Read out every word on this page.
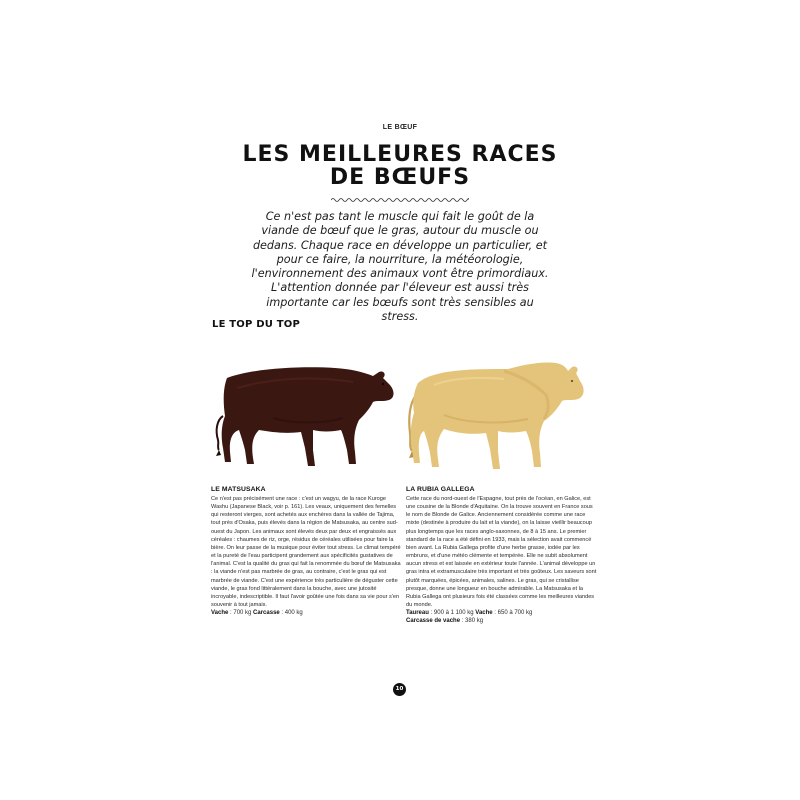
LE BŒUF
LES MEILLEURES RACES
DE BŒUFS

Ce n'est pas tant le muscle qui fait le goût de la viande de bœuf que le gras, autour du muscle ou dedans. Chaque race en développe un particulier, et pour ce faire, la nourriture, la météorologie, l'environnement des animaux vont être primordiaux. L'attention donnée par l'éleveur est aussi très importante car les bœufs sont très sensibles au stress.

LE TOP DU TOP
LE MATSUSAKA

Ce n'est pas précisément une race : c'est un wagyu, de la race Kuroge Washu (Japanese Black, voir p. 161). Les veaux, uniquement des femelles qui resteront vierges, sont achetés aux enchères dans la vallée de Tajima, tout près d'Osaka, puis élevés dans la région de Matsusaka, au centre sud-ouest du Japon. Les animaux sont élevés deux par deux et engraissés aux céréales : chaumes de riz, orge, résidus de céréales utilisées pour faire la bière. On leur passe de la musique pour éviter tout stress. Le climat tempéré et la pureté de l'eau participent grandement aux spécificités gustatives de l'animal. C'est la qualité du gras qui fait la renommée du bœuf de Matsusaka : la viande n'est pas marbrée de gras, au contraire, c'est le gras qui est marbrée de viande. C'est une expérience très particulière de déguster cette viande, le gras fond littéralement dans la bouche, avec une jutosité incroyable, indescriptible. Il faut l'avoir goûtée une fois dans sa vie pour s'en souvenir à tout jamais.

Vache : 700 kg Carcasse : 400 kg
LA RUBIA GALLEGA

Cette race du nord-ouest de l'Espagne, tout près de l'océan, en Galice, est une cousine de la Blonde d'Aquitaine. On la trouve souvent en France sous le nom de Blonde de Galice. Anciennement considérée comme une race mixte (destinée à produire du lait et la viande), on la laisse vieillir beaucoup plus longtemps que les races anglo-saxonnes, de 8 à 15 ans. Le premier standard de la race a été défini en 1933, mais la sélection avait commencé bien avant. La Rubia Gallega profite d'une herbe grasse, iodée par les embruns, et d'une météo clémente et tempérée. Elle ne subit absolument aucun stress et est laissée en extérieur toute l'année. L'animal développe un gras intra et extramusculaire très important et très goûteux. Les saveurs sont plutôt marquées, épicées, animales, salines. Le gras, qui se cristallise presque, donne une longueur en bouche admirable. La Matsusaka et la Rubia Gallega ont plusieurs fois été classées comme les meilleures viandes du monde.

Taureau : 900 à 1 100 kg Vache : 650 à 700 kg
Carcasse de vache : 380 kg
10
